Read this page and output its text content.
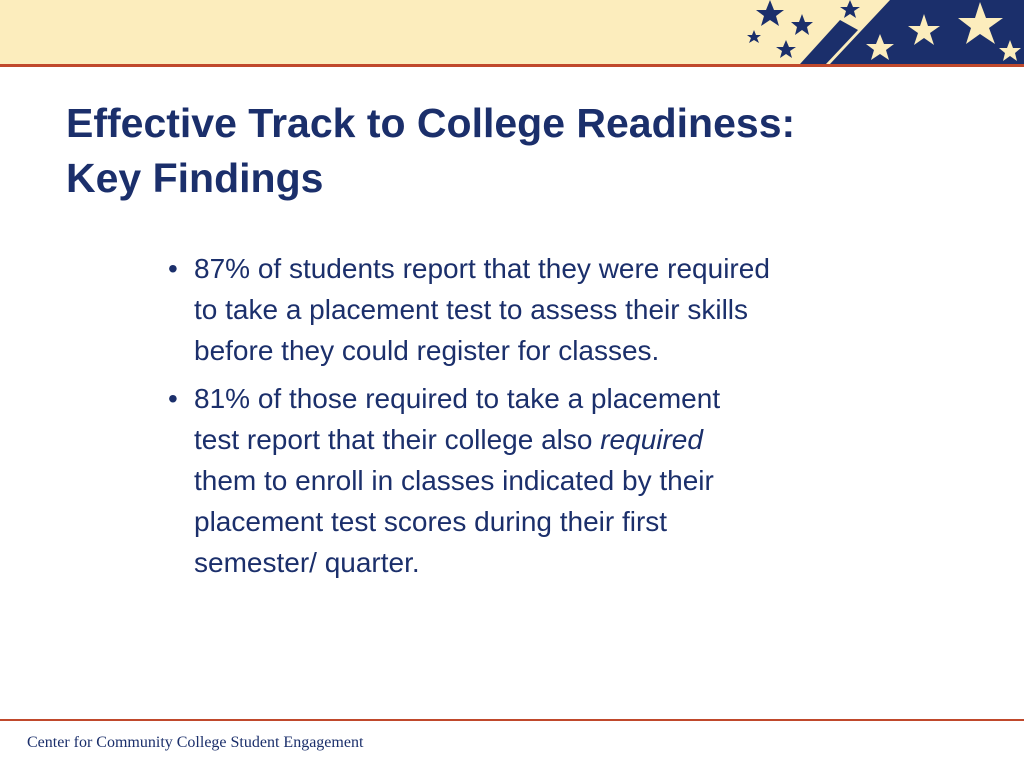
Effective Track to College Readiness:
Key Findings
• 87% of students report that they were required
to take a placement test to assess their skills
before they could register for classes.
• 81% of those required to take a placement
test report that their college also required
them to enroll in classes indicated by their
placement test scores during their first
semester/ quarter.
Center for Community College Student Engagement
